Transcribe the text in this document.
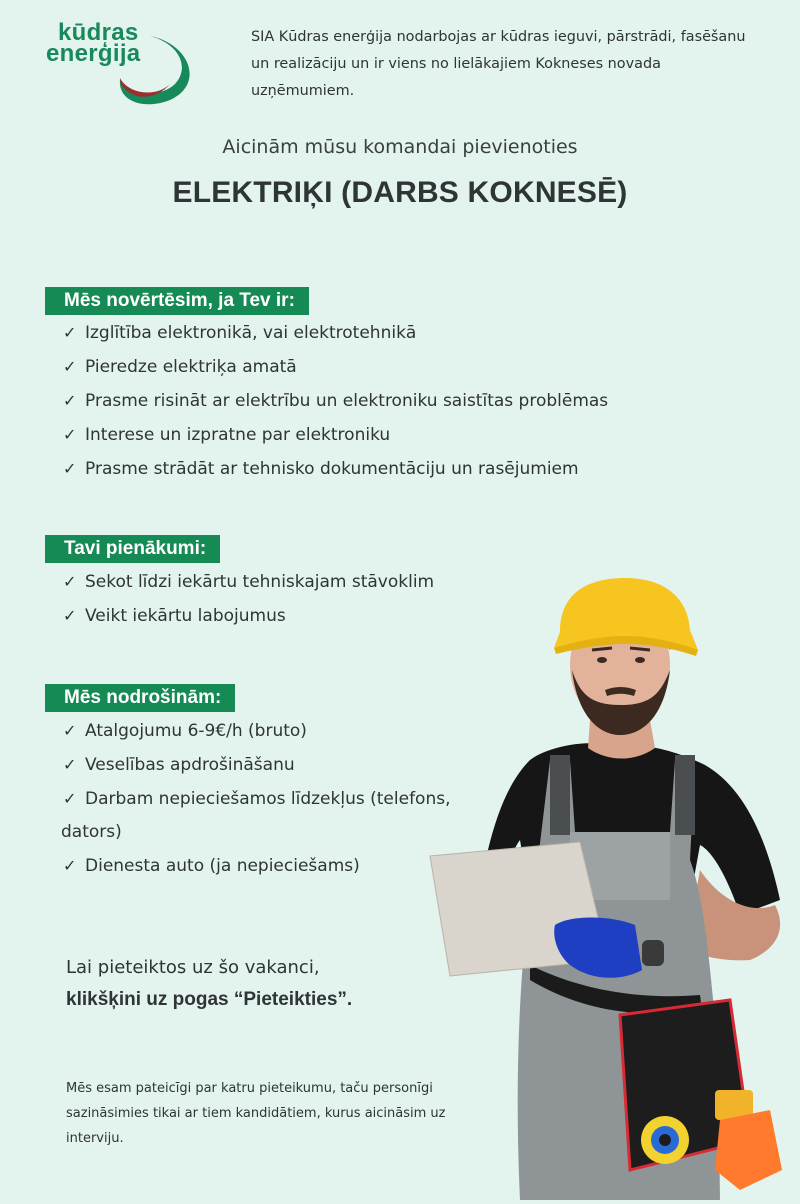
kūdras
enerģija
SIA Kūdras enerģija nodarbojas ar kūdras ieguvi, pārstrādi, fasēšanu un realizāciju un ir viens no lielākajiem Kokneses novada uzņēmumiem.
Aicinām mūsu komandai pievienoties
ELEKTRIĶI (DARBS KOKNESĒ)
Mēs novērtēsim, ja Tev ir:
✓ Izglītība elektronikā, vai elektrotehnikā
✓ Pieredze elektriķa amatā
✓ Prasme risināt ar elektrību un elektroniku saistītas problēmas
✓ Interese un izpratne par elektroniku
✓ Prasme strādāt ar tehnisko dokumentāciju un rasējumiem
Tavi pienākumi:
✓ Sekot līdzi iekārtu tehniskajam stāvoklim
✓ Veikt iekārtu labojumus
Mēs nodrošinām:
✓ Atalgojumu 6-9€/h (bruto)
✓ Veselības apdrošināšanu
✓ Darbam nepieciešamos līdzekļus (telefons,
dators)
✓ Dienesta auto (ja nepieciešams)
Lai pieteiktos uz šo vakanci,
klikšķini uz pogas “Pieteikties”.
Mēs esam pateicīgi par katru pieteikumu, taču personīgi sazināsimies tikai ar tiem kandidātiem, kurus aicināsim uz interviju.
